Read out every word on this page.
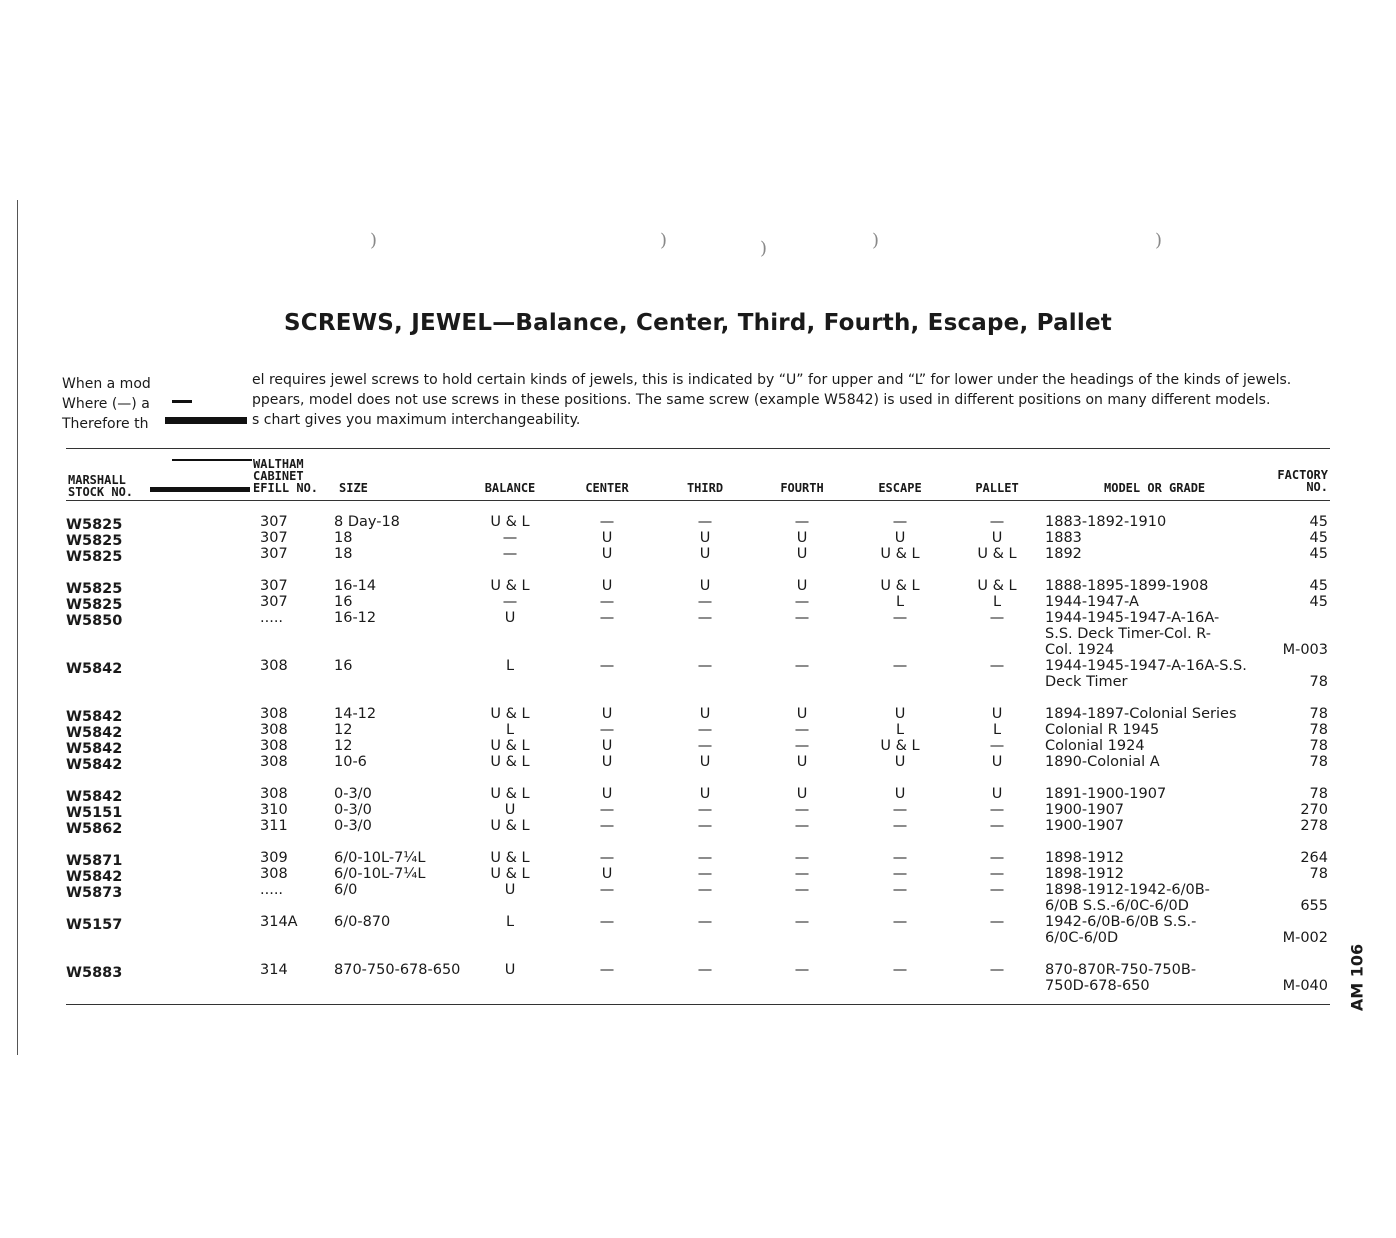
)	)	)	)	)
SCREWS, JEWEL—Balance, Center, Third, Fourth, Escape, Pallet
When a mod
Where (—) a
Therefore th
el requires jewel screws to hold certain kinds of jewels, this is indicated by “U” for upper and “L” for lower under the headings of the kinds of jewels.
ppears, model does not use screws in these positions. The same screw (example W5842) is used in different positions on many different models.
s chart gives you maximum interchangeability.
MARSHALL
STOCK NO.
WALTHAM
CABINET
EFILL NO. SIZE	BALANCE	CENTER	THIRD	FOURTH	ESCAPE	PALLET	MODEL OR GRADE
FACTORY
NO.
W5825	307	8 Day-18	U & L	—	—	—	—	—	1883-1892-1910	45
W5825	307	18	—	U	U	U	U	U	1883	45
W5825	307	18	—	U	U	U	U & L	U & L 1892	45
W5825	307	16-14	U & L	U	U	U	U & L	U & L 1888-1895-1899-1908	45
W5825	307	16	—	—	—	—	L	L	1944-1947-A	45
W5850	.....	16-12	U	—	—	—	—	—	1944-1945-1947-A-16A-
S.S. Deck Timer-Col. R-
Col. 1924	M-003
W5842	308	16	L	—	—	—	—	—	1944-1945-1947-A-16A-S.S.
Deck Timer	78
W5842	308	14-12	U & L	U	U	U	U	U	1894-1897-Colonial Series	78
W5842	308	12	L	—	—	—	L	L	Colonial R 1945	78
W5842	308	12	U & L	U	—	—	U & L	—	Colonial 1924	78
W5842	308	10-6	U & L	U	U	U	U	U	1890-Colonial A	78
W5842	308	0-3/0	U & L	U	U	U	U	U	1891-1900-1907	78
W5151	310	0-3/0	U	—	—	—	—	—	1900-1907	270
W5862	311	0-3/0	U & L	—	—	—	—	—	1900-1907	278
W5871	309	6/0-10L-7¼L	U & L	—	—	—	—	—	1898-1912	264
W5842	308	6/0-10L-7¼L	U & L	U	—	—	—	—	1898-1912	78
W5873	.....	6/0	U	—	—	—	—	—	1898-1912-1942-6/0B-
6/0B S.S.-6/0C-6/0D	655
W5157	314A	6/0-870	L	—	—	—	—	—	1942-6/0B-6/0B S.S.-
6/0C-6/0D	M-002
W5883	314	870-750-678-650	U	—	—	—	—	—	870-870R-750-750B-
750D-678-650	M-040 AM 106
